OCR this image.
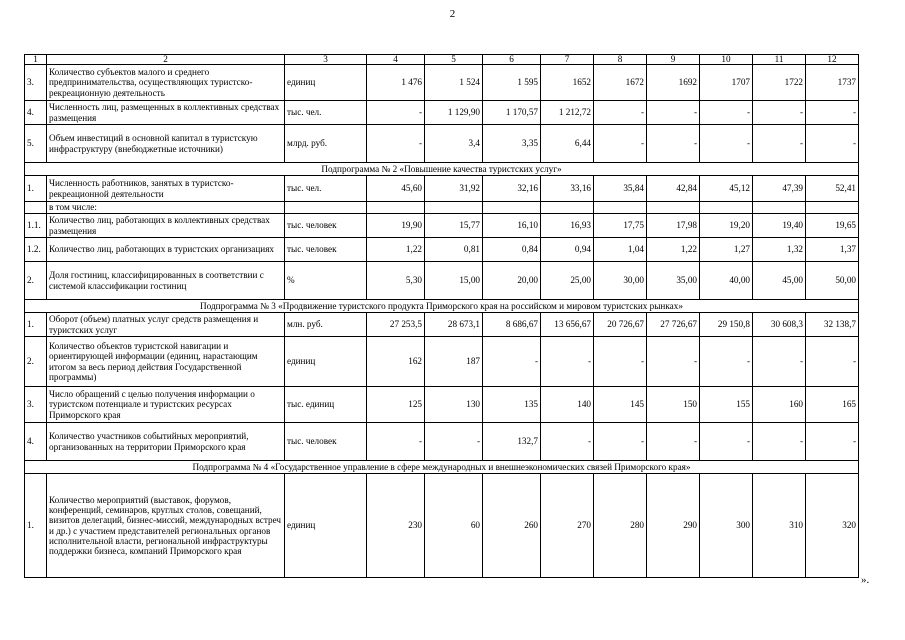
2
1	2	3	4	5	6	7	8	9	10	11	12
3.	Количество субъектов малого и среднего предпринимательства, осуществляющих туристско-рекреационную деятельность	единиц	1 476	1 524	1 595	1652	1672	1692	1707	1722	1737
4.	Численность лиц, размещенных в коллективных средствах размещения	тыс. чел.	-	1 129,90	1 170,57	1 212,72	-	-	-	-	-
5.	Объем инвестиций в основной капитал в туристскую инфраструктуру (внебюджетные источники)	млрд. руб.	-	3,4	3,35	6,44	-	-	-	-	-
Подпрограмма № 2 «Повышение качества туристских услуг»											
1.	Численность работников, занятых в туристско-рекреационной деятельности	тыс. чел.	45,60	31,92	32,16	33,16	35,84	42,84	45,12	47,39	52,41
	в том числе:										
1.1.	Количество лиц, работающих в коллективных средствах размещения	тыс. человек	19,90	15,77	16,10	16,93	17,75	17,98	19,20	19,40	19,65
1.2.	Количество лиц, работающих в туристских организациях	тыс. человек	1,22	0,81	0,84	0,94	1,04	1,22	1,27	1,32	1,37
2.	Доля гостиниц, классифицированных в соответствии с системой классификации гостиниц	%	5,30	15,00	20,00	25,00	30,00	35,00	40,00	45,00	50,00
Подпрограмма № 3 «Продвижение туристского продукта Приморского края на российском и мировом туристских рынках»											
1.	Оборот (объем) платных услуг средств размещения и туристских услуг	млн. руб.	27 253,5	28 673,1	8 686,67	13 656,67	20 726,67	27 726,67	29 150,8	30 608,3	32 138,7
2.	Количество объектов туристской навигации и ориентирующей информации (единиц, нарастающим итогом за весь период действия Государственной программы)	единиц	162	187	-	-	-	-	-	-	-
3.	Число обращений с целью получения информации о туристском потенциале и туристских ресурсах Приморского края	тыс. единиц	125	130	135	140	145	150	155	160	165
4.	Количество участников событийных мероприятий, организованных на территории Приморского края	тыс. человек	-	-	132,7	-	-	-	-	-	-
Подпрограмма № 4 «Государственное управление в сфере международных и внешнеэкономических связей Приморского края»											
1.	Количество мероприятий (выставок, форумов, конференций, семинаров, круглых столов, совещаний, визитов делегаций, бизнес-миссий, международных встреч и др.) с участием представителей региональных органов исполнительной власти, региональной инфраструктуры поддержки бизнеса, компаний Приморского края	единиц	230	60	260	270	280	290	300	310	320
».
